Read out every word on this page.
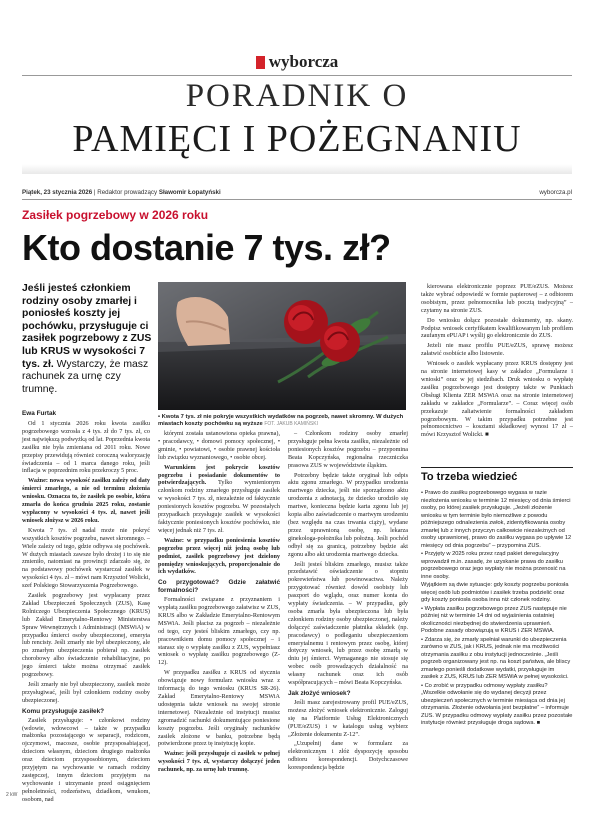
wyborcza
PORADNIK O
PAMIĘCI I POŻEGNANIU
Piątek, 23 stycznia 2026 | Redaktor prowadzący Sławomir Łopatyński	wyborcza.pl
Zasiłek pogrzebowy w 2026 roku
Kto dostanie 7 tys. zł?
Jeśli jesteś członkiem rodziny osoby zmarłej i poniosłeś koszty jej pochówku, przysługuje ci zasiłek pogrzebowy z ZUS lub KRUS w wysokości 7 tys. zł. Wystarczy, że masz rachunek za urnę czy trumnę.
Ewa Furtak	• Kwota 7 tys. zł nie pokryje wszystkich wydatków na pogrzeb, nawet skromny. W dużych miastach koszty pochówku są wyższe FOT. JAKUB KAMIŃSKI

Od 1 stycznia 2026 roku kwota zasiłku pogrzebowego wzrosła z 4 tys. zł do 7 tys. zł, co jest największą podwyżką od lat. Poprzednia kwota zasiłku nie była zmieniana od 2011 roku. Nowe przepisy przewidują również coroczną waloryzację świadczenia – od 1 marca danego roku, jeśli inflacja w poprzednim roku przekroczy 5 proc.

Ważne: nowa wysokość zasiłku zależy od daty śmierci zmarłego, a nie od terminu złożenia wniosku. Oznacza to, że zasiłek po osobie, która zmarła do końca grudnia 2025 roku, zostanie wypłacony w wysokości 4 tys. zł, nawet jeśli wniosek złożysz w 2026 roku.

Kwota 7 tys. zł nadal może nie pokryć wszystkich kosztów pogrzebu, nawet skromnego. – Wiele zależy od tego, gdzie odbywa się pochówek. W dużych miastach zawsze było drożej i to się nie zmieniło, natomiast na prowincji zdarzało się, że na podstawowy pochówek wystarczał zasiłek w wysokości 4 tys. zł – mówi nam Krzysztof Wolicki, szef Polskiego Stowarzyszenia Pogrzebowego.

Zasiłek pogrzebowy jest wypłacany przez Zakład Ubezpieczeń Społecznych (ZUS), Kasę Rolniczego Ubezpieczenia Społecznego (KRUS) lub Zakład Emerytalno-Rentowy Ministerstwa Spraw Wewnętrznych i Administracji (MSWiA) w przypadku śmierci osoby ubezpieczonej, emeryta lub rencisty. Jeśli zmarły nie był ubezpieczony, ale po zmarłym ubezpieczenia pobierał np. zasiłek chorobowy albo świadczenie rehabilitacyjne, po jego śmierci także można otrzymać zasiłek pogrzebowy.

Jeśli zmarły nie był ubezpieczony, zasiłek może przysługiwać, jeśli był członkiem rodziny osoby ubezpieczonej.

Komu przysługuje zasiłek?

Zasiłek przysługuje: • członkowi rodziny (wdowie, wdowcowi – także w przypadku małżonka pozostającego w separacji, rodzicom, ojczymowi, macosze, osobie przysposabiającej, dzieciom własnym, dzieciom drugiego małżonka oraz dzieciom przysposobionym, dzieciom przyjętym na wychowanie w ramach rodziny zastępczej, innym dzieciom przyjętym na wychowanie i utrzymanie przed osiągnięciem pełnoletności, rodzeństwu, dziadkom, wnukom, osobom, nad

którymi została ustanowiona opieka prawna), • pracodawcy, • domowi pomocy społecznej, • gminie, • powiatowi, • osobie prawnej kościoła lub związku wyznaniowego, • osobie obcej.

Warunkiem jest pokrycie kosztów pogrzebu i posiadanie dokumentów to potwierdzających. Tylko wymienionym członkom rodziny zmarłego przysługuje zasiłek w wysokości 7 tys. zł, niezależnie od faktycznie poniesionych kosztów pogrzebu. W pozostałych przypadkach przysługuje zasiłek w wysokości faktycznie poniesionych kosztów pochówku, nie więcej jednak niż 7 tys. zł.

Ważne: w przypadku poniesienia kosztów pogrzebu przez więcej niż jedną osobę lub podmiot, zasiłek pogrzebowy jest dzielony pomiędzy wnioskujących, proporcjonalnie do ich wydatków.

Co przygotować? Gdzie załatwić formalności?

Formalności związane z przyznaniem i wypłatą zasiłku pogrzebowego załatwisz w ZUS, KRUS albo w Zakładzie Emerytalno-Rentowym MSWiA. Jeśli płacisz za pogrzeb – niezależnie od tego, czy jesteś bliskim zmarłego, czy np. pracownikiem domu pomocy społecznej – i starasz się o wypłatę zasiłku z ZUS, wypełniasz wniosek o wypłatę zasiłku pogrzebowego (Z-12).

W przypadku zasiłku z KRUS od stycznia obowiązuje nowy formularz wniosku wraz z informacją do tego wniosku (KRUS SR-26). Zakład Emerytalno-Rentowy MSWiA udostępnia także wniosek na swojej stronie internetowej. Niezależnie od instytucji musisz zgromadzić rachunki dokumentujące poniesione koszty pogrzebu. Jeśli oryginały rachunków zasiłek złożone w banku, potrzebne będą potwierdzone przez tę instytucję kopie.

Ważne: jeśli przysługuje ci zasiłek w pełnej wysokości 7 tys. zł, wystarczy dołączyć jeden rachunek, np. za urnę lub trumnę.

– Członkom rodziny osoby zmarłej przysługuje pełna kwota zasiłku, niezależnie od poniesionych kosztów pogrzebu – przypomina Beata Kopczyńska, regionalna rzeczniczka prasowa ZUS w województwie śląskim.

Potrzebny będzie także oryginał lub odpis aktu zgonu zmarłego. W przypadku urodzenia martwego dziecka, jeśli nie sporządzono aktu urodzenia z adnotacją, że dziecko urodziło się martwe, konieczna będzie karta zgonu lub jej kopia albo zaświadczenie o martwym urodzeniu (bez względu na czas trwania ciąży), wydane przez uprawnioną osobę, np. lekarza ginekologa-położnika lub położną. Jeśli pochód odbył się za granicą, potrzebny będzie akt zgonu albo akt urodzenia martwego dziecka.

Jeśli jesteś bliskim zmarłego, musisz także przedstawić oświadczenie o stopniu pokrewieństwa lub powinowactwa. Należy przygotować również dowód osobisty lub paszport do wglądu, oraz numer konta do wypłaty świadczenia. – W przypadku, gdy osoba zmarła była ubezpieczona lub była członkiem rodziny osoby ubezpieczonej, należy dołączyć zaświadczenie płatnika składek (np. pracodawcy) o podleganiu ubezpieczeniom emerytalnemu i rentowym przez osobę, której dotyczy wniosek, lub przez osobę zmarłą w dniu jej śmierci. Wymaganego nie stosuje się wobec osób prowadzących działalność na własny rachunek oraz ich osób współpracujących – mówi Beata Kopczyńska.

Jak złożyć wniosek?

Jeśli masz zarejestrowany profil PUE/eZUS, możesz złożyć wniosek elektronicznie. Zaloguj się na Platformie Usług Elektronicznych (PUE/eZUS) i w katalogu usług wybierz „Złożenie dokumentu Z-12”.

„Uzupełnij dane w formularz za elektronicznym i złóż dyspozycję sposobu odbioru korespondencji. Dotychczasowe korespondencja będzie

kierowana elektronicznie poprzez PUE/eZUS. Możesz także wybrać odpowiedź w formie papierowej – z odbiorem osobistym, przez pełnomocnika lub pocztą tradycyjną” – czytamy na stronie ZUS.

Do wniosku dołącz pozostałe dokumenty, np. skany. Podpisz wniosek certyfikatem kwalifikowanym lub profilem zaufanym ePUAP i wyślij go elektronicznie do ZUS.

Jeżeli nie masz profilu PUE/eZUS, sprawę możesz załatwić osobiście albo listownie.

Wniosek o zasiłek wypłacany przez KRUS dostępny jest na stronie internetowej kasy w zakładce „Formularze i wnioski” oraz w jej siedzibach. Druk wniosku o wypłatę zasiłku pogrzebowego jest dostępny także w Punktach Obsługi Klienta ZER MSWiA oraz na stronie internetowej zakładu w zakładce „Formularze”. – Coraz więcej osób przekazuje zaliatwienie formalności zakładom pogrzebowym. W takim przypadku potrzebne jest pełnomocnictwo – kosztami składkowej wynosi 17 zł – mówi Krzysztof Wolicki. ■

To trzeba wiedzieć

• Prawo do zasiłku pogrzebowego wygasa w razie niezłożenia wniosku w terminie 12 miesięcy od dnia śmierci osoby, po której zasiłek przysługuje. „Jeżeli złożenie wniosku w tym terminie było niemożliwe z powodu późniejszego odnalezienia zwłok, zidentyfikowania osoby zmarłej lub z innych przyczyn całkowicie niezależnych od osoby uprawnionej, prawo do zasiłku wygasa po upływie 12 miesięcy od dnia pogrzebu” – przypomina ZUS.

• Przyjęty w 2025 roku przez rząd pakiet deregulacyjny wprowadził m.in. zasadę, że uzyskanie prawa do zasiłku pogrzebowego oraz jego wypłaty nie można przenosić na inne osoby.

Wyjątkiem są dwie sytuacje: gdy koszty pogrzebu poniosła więcej osób lub podmiotów i zasiłek trzeba podzielić oraz gdy koszty poniosła osoba inna niż członek rodziny.

• Wypłata zasiłku pogrzebowego przez ZUS następuje nie później niż w terminie 14 dni od wyjaśnienia ostatniej okoliczności niezbędnej do stwierdzenia uprawnień. Podobne zasady obowiązują w KRUS i ZER MSWiA.

• Zdarza się, że zmarły spełniał warunki do ubezpieczenia zarówno w ZUS, jak i KRUS, jednak nie ma możliwości otrzymania zasiłku z obu instytucji jednocześnie. „Jeśli pogrzeb organizowany jest np. na koszt państwa, ale bliscy zmarłego ponieśli dodatkowe wydatki, przysługuje im zasiłek z ZUS, KRUS lub ZER MSWiA w pełnej wysokości.

• Co zrobić w przypadku odmowy wypłaty zasiłku? „Wszelkie odwołanie się do wydanej decyzji przez ubezpieczeń społecznych w terminie miesiąca od dnia jej otrzymania. Złożenie odwołania jest bezpłatne” – informuje ZUS. W przypadku odmowy wypłaty zasiłku przez pozostałe instytucje również przysługuje droga sądowa. ■

2 kW
